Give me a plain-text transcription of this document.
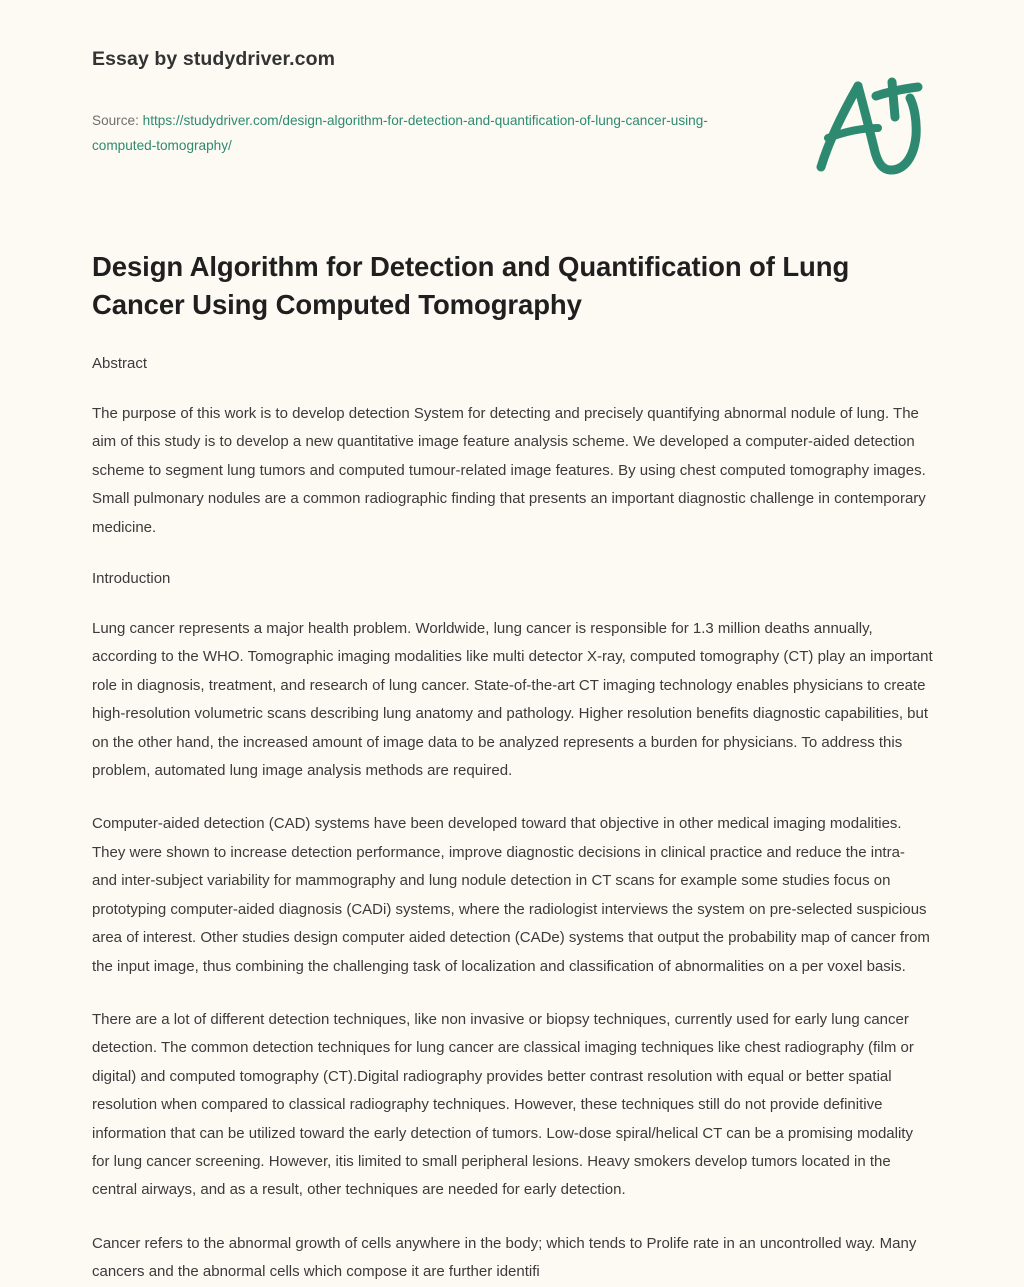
Essay by studydriver.com
Source: https://studydriver.com/design-algorithm-for-detection-and-quantification-of-lung-cancer-using-computed-tomography/
Design Algorithm for Detection and Quantification of Lung Cancer Using Computed Tomography

Abstract

The purpose of this work is to develop detection System for detecting and precisely quantifying abnormal nodule of lung. The aim of this study is to develop a new quantitative image feature analysis scheme. We developed a computer-aided detection scheme to segment lung tumors and computed tumour-related image features. By using chest computed tomography images. Small pulmonary nodules are a common radiographic finding that presents an important diagnostic challenge in contemporary medicine.

Introduction

Lung cancer represents a major health problem. Worldwide, lung cancer is responsible for 1.3 million deaths annually, according to the WHO. Tomographic imaging modalities like multi detector X-ray, computed tomography (CT) play an important role in diagnosis, treatment, and research of lung cancer. State-of-the-art CT imaging technology enables physicians to create high-resolution volumetric scans describing lung anatomy and pathology. Higher resolution benefits diagnostic capabilities, but on the other hand, the increased amount of image data to be analyzed represents a burden for physicians. To address this problem, automated lung image analysis methods are required.

Computer-aided detection (CAD) systems have been developed toward that objective in other medical imaging modalities. They were shown to increase detection performance, improve diagnostic decisions in clinical practice and reduce the intra- and inter-subject variability for mammography and lung nodule detection in CT scans for example some studies focus on prototyping computer-aided diagnosis (CADi) systems, where the radiologist interviews the system on pre-selected suspicious area of interest. Other studies design computer aided detection (CADe) systems that output the probability map of cancer from the input image, thus combining the challenging task of localization and classification of abnormalities on a per voxel basis.

There are a lot of different detection techniques, like non invasive or biopsy techniques, currently used for early lung cancer detection. The common detection techniques for lung cancer are classical imaging techniques like chest radiography (film or digital) and computed tomography (CT).Digital radiography provides better contrast resolution with equal or better spatial resolution when compared to classical radiography techniques. However, these techniques still do not provide definitive information that can be utilized toward the early detection of tumors. Low-dose spiral/helical CT can be a promising modality for lung cancer screening. However, itis limited to small peripheral lesions. Heavy smokers develop tumors located in the central airways, and as a result, other techniques are needed for early detection.

Cancer refers to the abnormal growth of cells anywhere in the body; which tends to Prolife rate in an uncontrolled way. Many cancers and the abnormal cells which compose it are further identifi
